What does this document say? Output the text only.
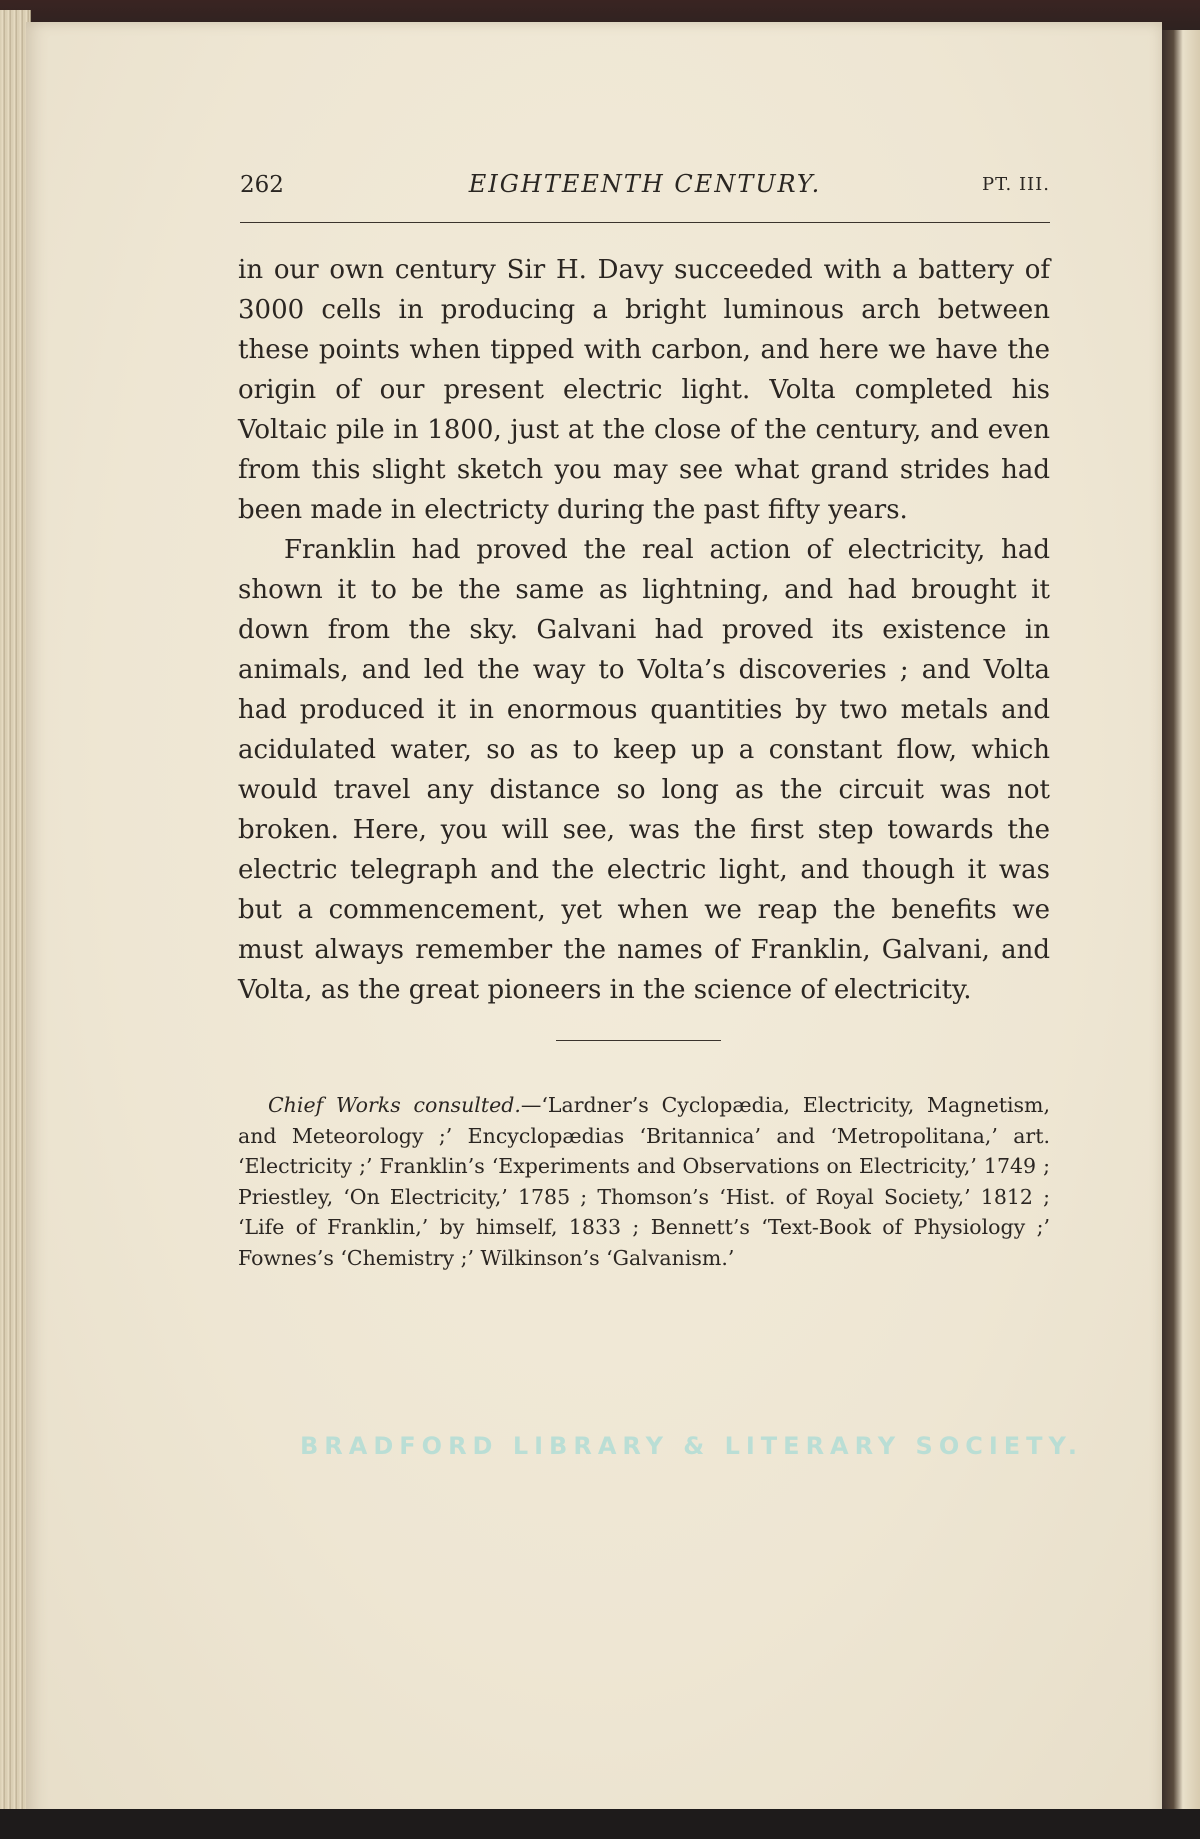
262	EIGHTEENTH CENTURY.	PT. III.

in our own century Sir H. Davy succeeded with a battery of 3000 cells in producing a bright luminous arch between these points when tipped with carbon, and here we have the origin of our present electric light. Volta completed his Voltaic pile in 1800, just at the close of the century, and even from this slight sketch you may see what grand strides had been made in electricty during the past fifty years.

Franklin had proved the real action of electricity, had shown it to be the same as lightning, and had brought it down from the sky. Galvani had proved its existence in animals, and led the way to Volta’s discoveries ; and Volta had produced it in enormous quantities by two metals and acidulated water, so as to keep up a constant flow, which would travel any distance so long as the circuit was not broken. Here, you will see, was the first step towards the electric telegraph and the electric light, and though it was but a commencement, yet when we reap the benefits we must always remember the names of Franklin, Galvani, and Volta, as the great pioneers in the science of electricity.

Chief Works consulted.—‘Lardner’s Cyclopædia, Electricity, Magnetism, and Meteorology ;’ Encyclopædias ‘Britannica’ and ‘Metropolitana,’ art. ‘Electricity ;’ Franklin’s ‘Experiments and Observations on Electricity,’ 1749 ; Priestley, ‘On Electricity,’ 1785 ; Thomson’s ‘Hist. of Royal Society,’ 1812 ; ‘Life of Franklin,’ by himself, 1833 ; Bennett’s ‘Text-Book of Physiology ;’ Fownes’s ‘Chemistry ;’ Wilkinson’s ‘Galvanism.’
BRADFORD LIBRARY & LITERARY SOCIETY.
